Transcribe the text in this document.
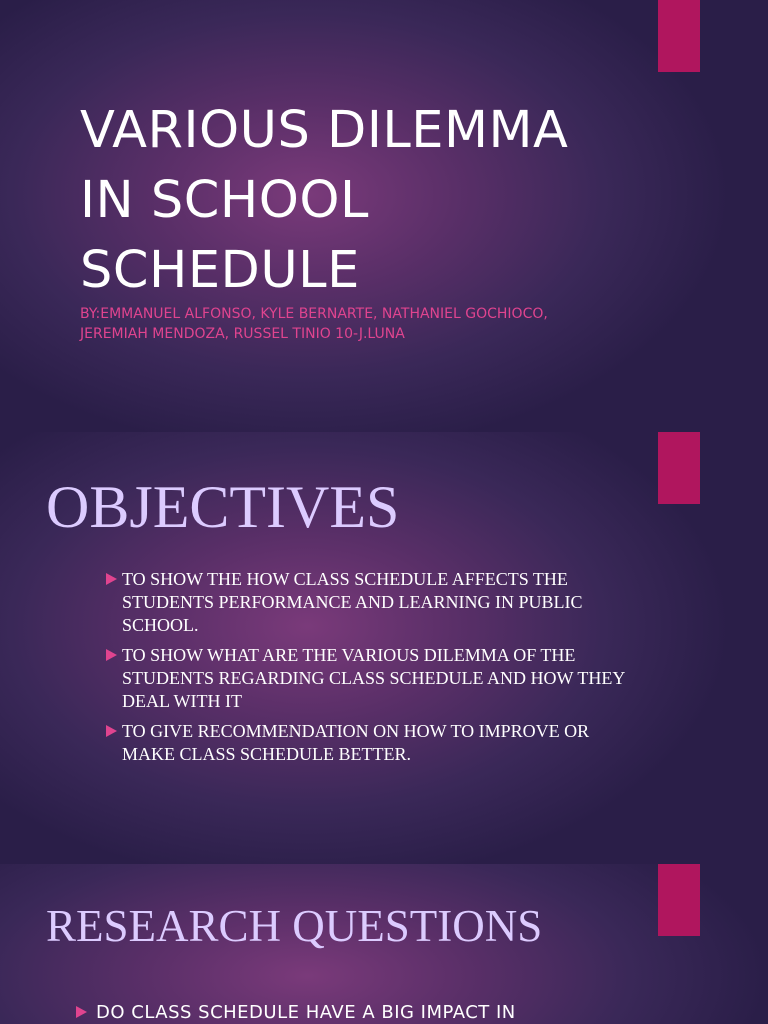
VARIOUS DILEMMA
IN SCHOOL
SCHEDULE

BY:EMMANUEL ALFONSO, KYLE BERNARTE, NATHANIEL GOCHIOCO,
JEREMIAH MENDOZA, RUSSEL TINIO 10-J.LUNA

OBJECTIVES
TO SHOW THE HOW CLASS SCHEDULE AFFECTS THE STUDENTS PERFORMANCE AND LEARNING IN PUBLIC SCHOOL.
TO SHOW WHAT ARE THE VARIOUS DILEMMA OF THE STUDENTS REGARDING CLASS SCHEDULE AND HOW THEY DEAL WITH IT
TO GIVE RECOMMENDATION ON HOW TO IMPROVE OR MAKE CLASS SCHEDULE BETTER.
RESEARCH QUESTIONS
DO CLASS SCHEDULE HAVE A BIG IMPACT IN
